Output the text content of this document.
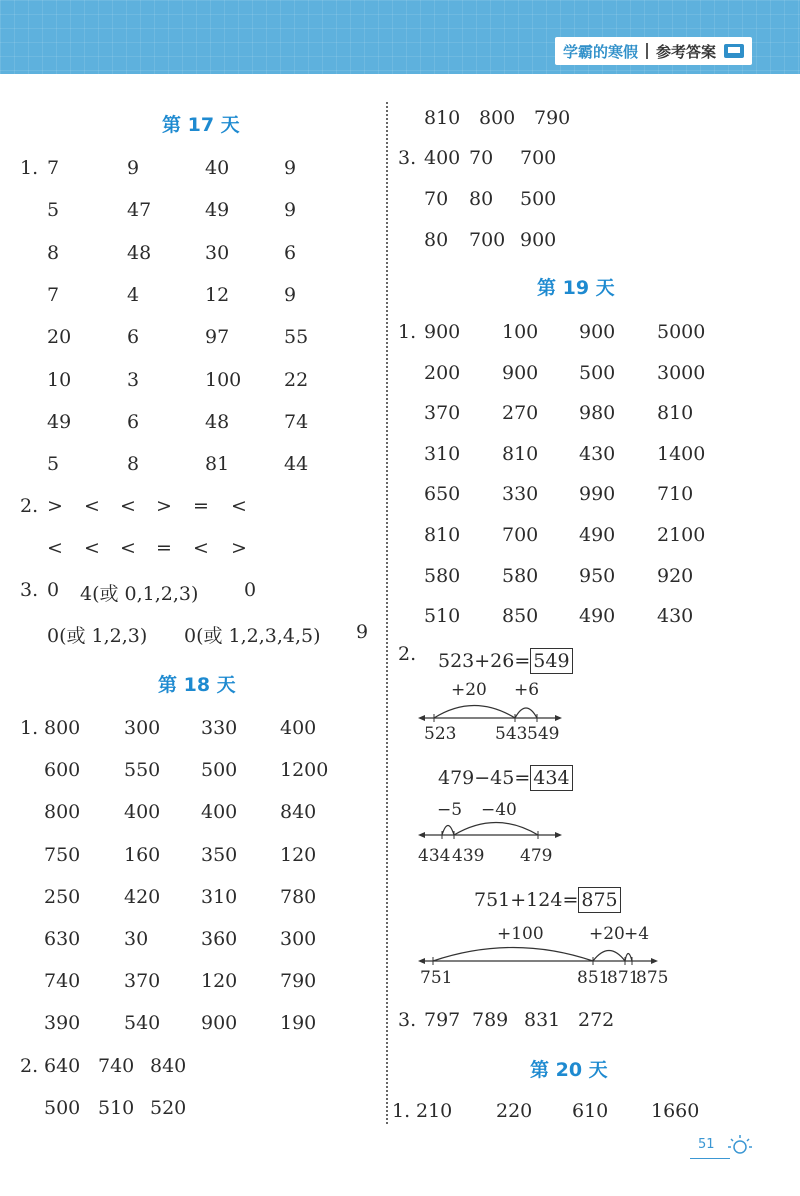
学霸的寒假 参考答案
第 17 天
1. 7	9	40	9
5	47	49	9
8	48	30	6
7	4	12	9
20	6	97	55
10	3	100 22
49	6	48	74
5	8	81	44
2. > < < > = <
< < < = < >
3. 0 4(或 0,1,2,3) 0
0(或 1,2,3) 0(或 1,2,3,4,5) 9
第 18 天
1. 800 300 330 400
600 550 500 1200
800 400 400 840
750 160 350 120
250 420 310 780
630 30	360 300
740 370 120 790
390 540 900 190
2. 640 740 840
500 510 520
810 800 790
3. 400 70 700
70 80 500
80 700 900
第 19 天
1. 900 100 900 5000
200 900 500 3000
370 270 980 810
310 810 430 1400
650 330 990 710
810 700 490 2100
580 580 950 920
510 850 490 430
2. 523+26= 549
+20 +6
523 543 549
479−45= 434
−5 −40
434 439 479
751+124= 875
+100	+20 +4
751	851
871
875
3. 797 789 831 272
第 20 天
1. 210 220 610 1660
51
